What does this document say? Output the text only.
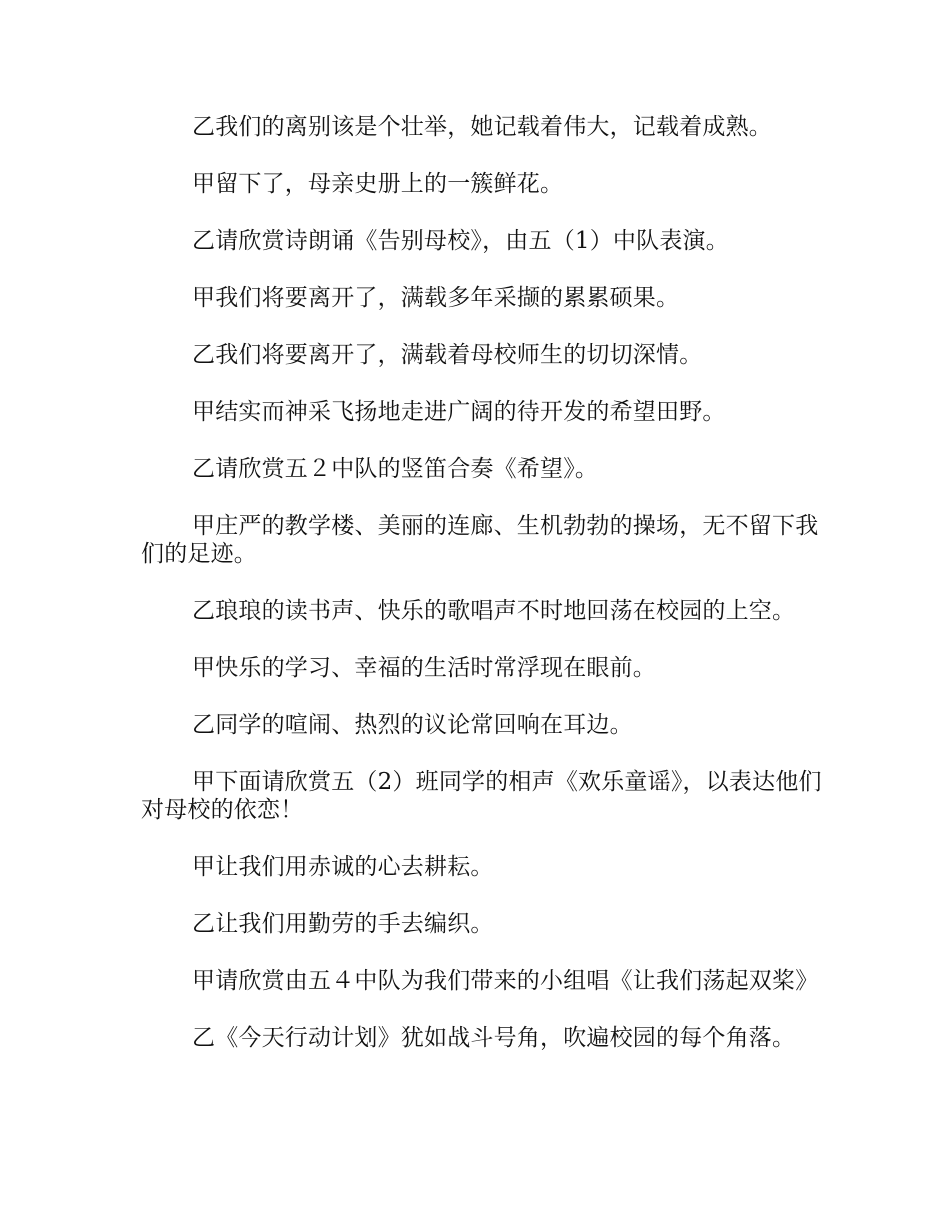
乙我们的离别该是个壮举，她记载着伟大，记载着成熟。

甲留下了，母亲史册上的一簇鲜花。

乙请欣赏诗朗诵《告别母校》，由五（1）中队表演。

甲我们将要离开了，满载多年采撷的累累硕果。

乙我们将要离开了，满载着母校师生的切切深情。

甲结实而神采飞扬地走进广阔的待开发的希望田野。

乙请欣赏五２中队的竖笛合奏《希望》。

甲庄严的教学楼、美丽的连廊、生机勃勃的操场，无不留下我们的足迹。

乙琅琅的读书声、快乐的歌唱声不时地回荡在校园的上空。

甲快乐的学习、幸福的生活时常浮现在眼前。

乙同学的喧闹、热烈的议论常回响在耳边。

甲下面请欣赏五（2）班同学的相声《欢乐童谣》，以表达他们对母校的依恋！

甲让我们用赤诚的心去耕耘。

乙让我们用勤劳的手去编织。

甲请欣赏由五４中队为我们带来的小组唱《让我们荡起双桨》

乙《今天行动计划》犹如战斗号角，吹遍校园的每个角落。
